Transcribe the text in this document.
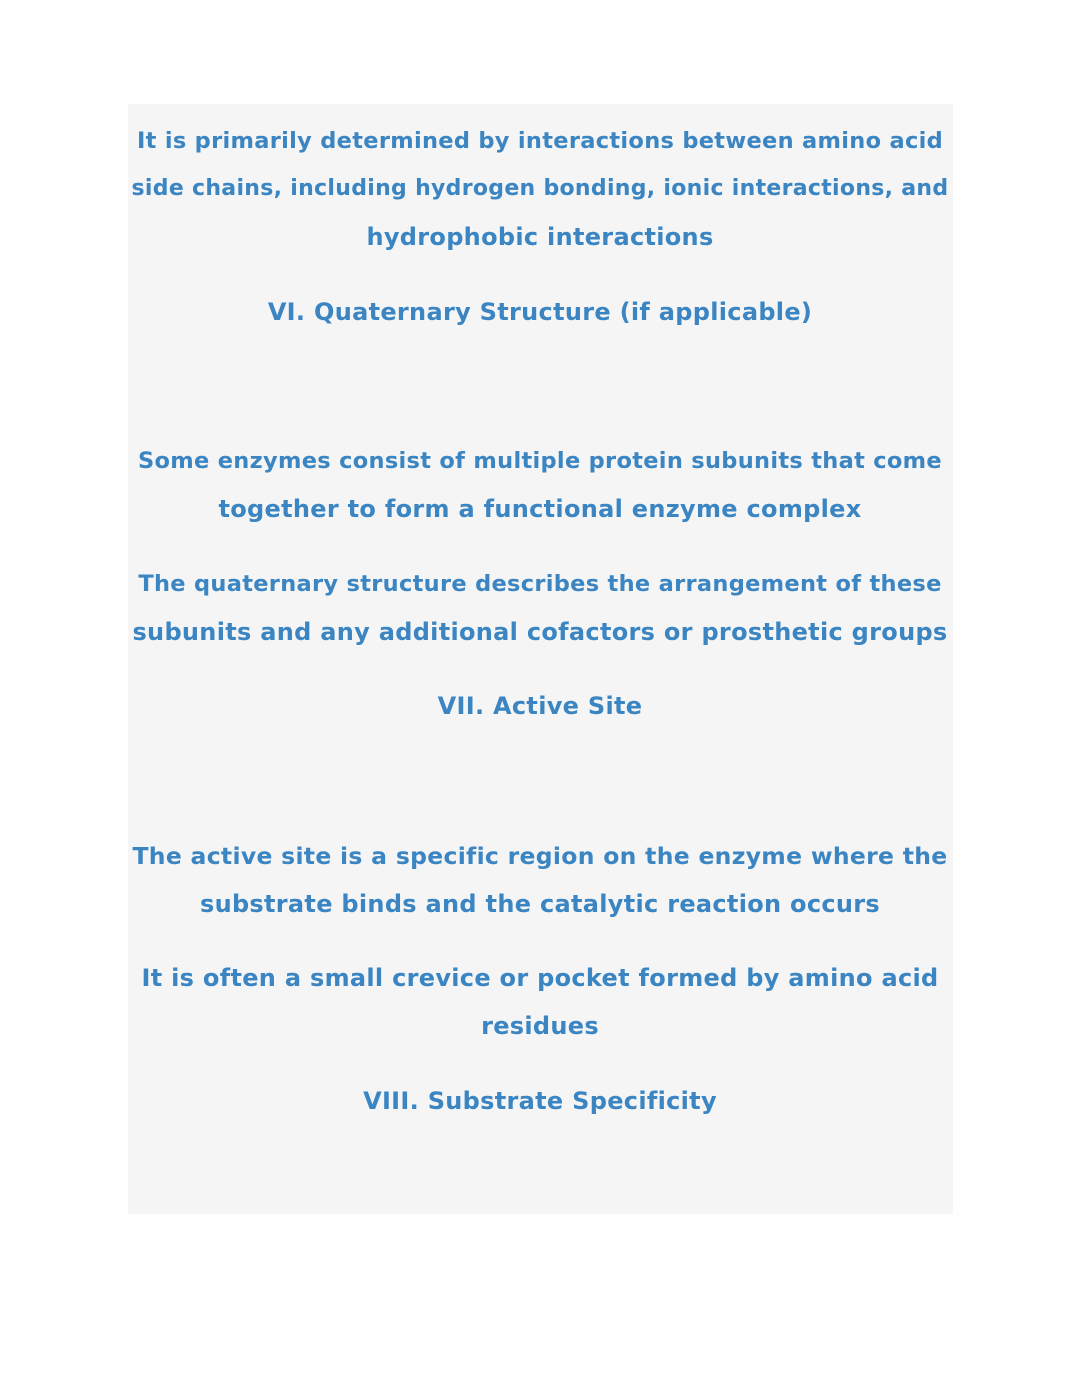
It is primarily determined by interactions between amino acid
side chains, including hydrogen bonding, ionic interactions, and
hydrophobic interactions
VI. Quaternary Structure (if applicable)
Some enzymes consist of multiple protein subunits that come
together to form a functional enzyme complex
The quaternary structure describes the arrangement of these
subunits and any additional cofactors or prosthetic groups
VII. Active Site
The active site is a specific region on the enzyme where the
substrate binds and the catalytic reaction occurs
It is often a small crevice or pocket formed by amino acid
residues
VIII. Substrate Specificity
